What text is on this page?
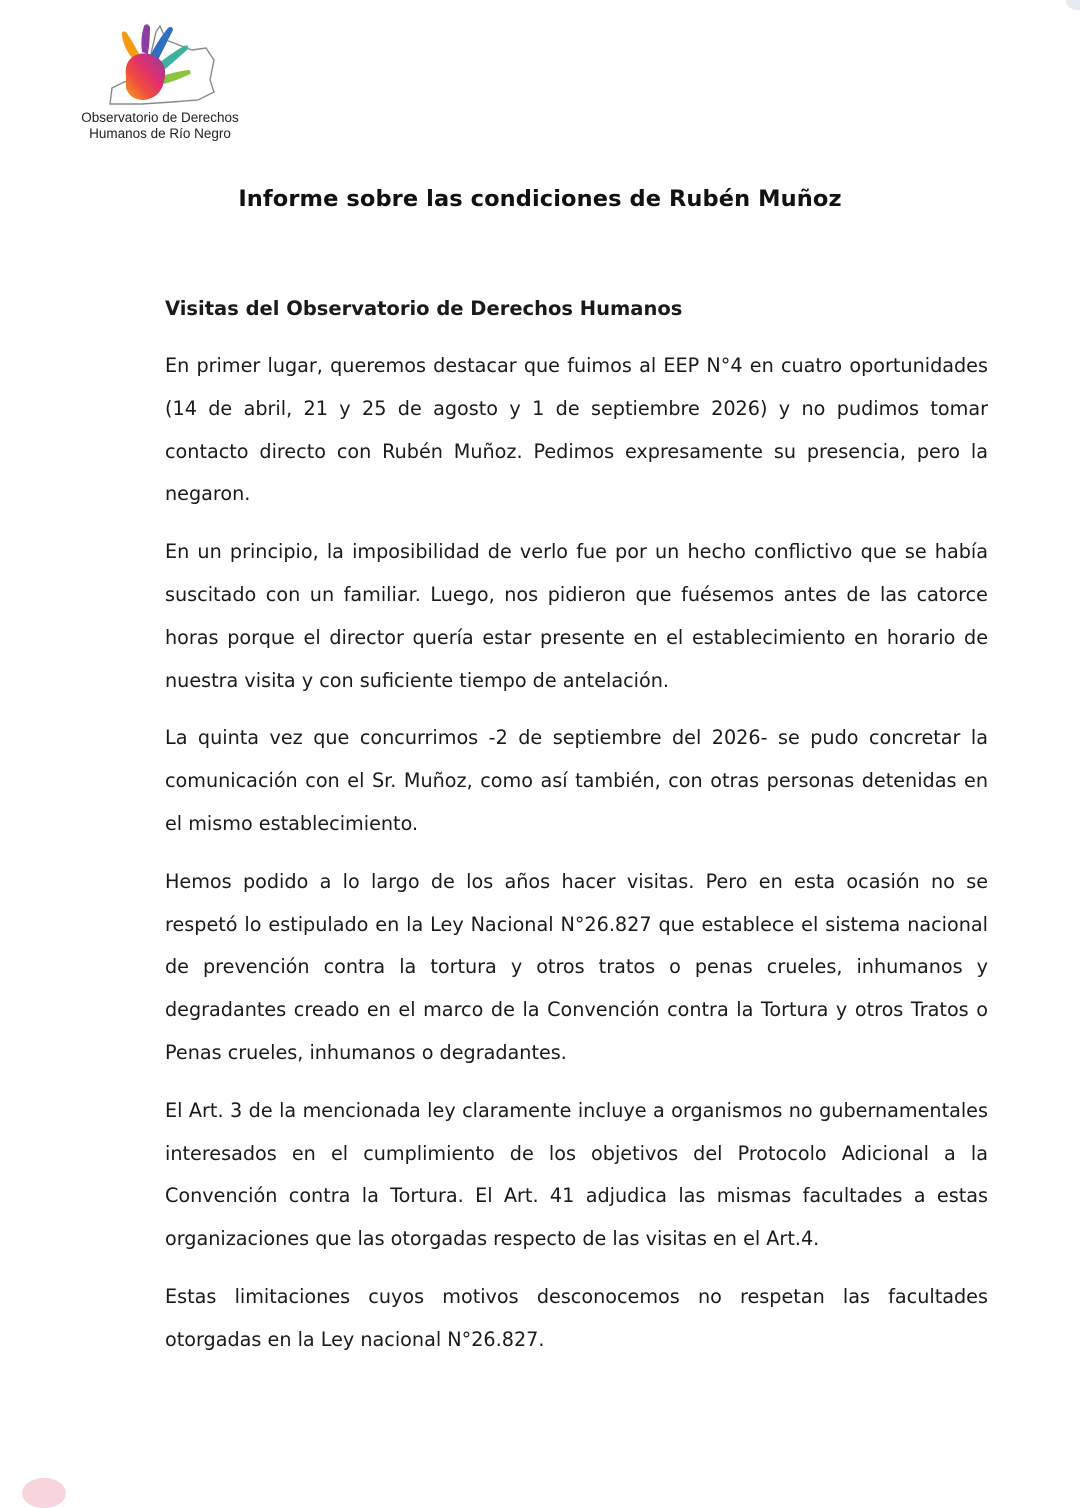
Observatorio de Derechos
Humanos de Río Negro
Informe sobre las condiciones de Rubén Muñoz
Visitas del Observatorio de Derechos Humanos

En primer lugar, queremos destacar que fuimos al EEP N°4 en cuatro oportunidades (14 de abril, 21 y 25 de agosto y 1 de septiembre 2026) y no pudimos tomar contacto directo con Rubén Muñoz. Pedimos expresamente su presencia, pero la negaron.

En un principio, la imposibilidad de verlo fue por un hecho conflictivo que se había suscitado con un familiar. Luego, nos pidieron que fuésemos antes de las catorce horas porque el director quería estar presente en el establecimiento en horario de nuestra visita y con suficiente tiempo de antelación.

La quinta vez que concurrimos -2 de septiembre del 2026- se pudo concretar la comunicación con el Sr. Muñoz, como así también, con otras personas detenidas en el mismo establecimiento.

Hemos podido a lo largo de los años hacer visitas. Pero en esta ocasión no se respetó lo estipulado en la Ley Nacional N°26.827 que establece el sistema nacional de prevención contra la tortura y otros tratos o penas crueles, inhumanos y degradantes creado en el marco de la Convención contra la Tortura y otros Tratos o Penas crueles, inhumanos o degradantes.

El Art. 3 de la mencionada ley claramente incluye a organismos no gubernamentales interesados en el cumplimiento de los objetivos del Protocolo Adicional a la Convención contra la Tortura. El Art. 41 adjudica las mismas facultades a estas organizaciones que las otorgadas respecto de las visitas en el Art.4.

Estas limitaciones cuyos motivos desconocemos no respetan las facultades otorgadas en la Ley nacional N°26.827.
